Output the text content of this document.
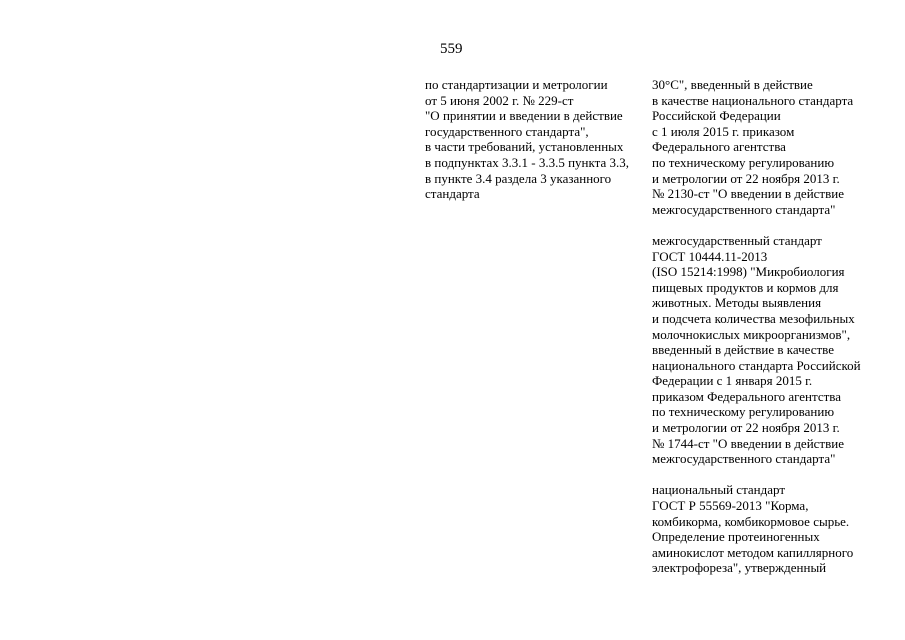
559
по стандартизации и метрологии
от 5 июня 2002 г. № 229-ст
"О принятии и введении в действие
государственного стандарта",
в части требований, установленных
в подпунктах 3.3.1 - 3.3.5 пункта 3.3,
в пункте 3.4 раздела 3 указанного
стандарта
30°С", введенный в действие
в качестве национального стандарта
Российской Федерации
с 1 июля 2015 г. приказом
Федерального агентства
по техническому регулированию
и метрологии от 22 ноября 2013 г.
№ 2130-ст "О введении в действие
межгосударственного стандарта"
межгосударственный стандарт
ГОСТ 10444.11-2013
(ISO 15214:1998) "Микробиология
пищевых продуктов и кормов для
животных. Методы выявления
и подсчета количества мезофильных
молочнокислых микроорганизмов",
введенный в действие в качестве
национального стандарта Российской
Федерации с 1 января 2015 г.
приказом Федерального агентства
по техническому регулированию
и метрологии от 22 ноября 2013 г.
№ 1744-ст "О введении в действие
межгосударственного стандарта"
национальный стандарт
ГОСТ Р 55569-2013 "Корма,
комбикорма, комбикормовое сырье.
Определение протеиногенных
аминокислот методом капиллярного
электрофореза", утвержденный
